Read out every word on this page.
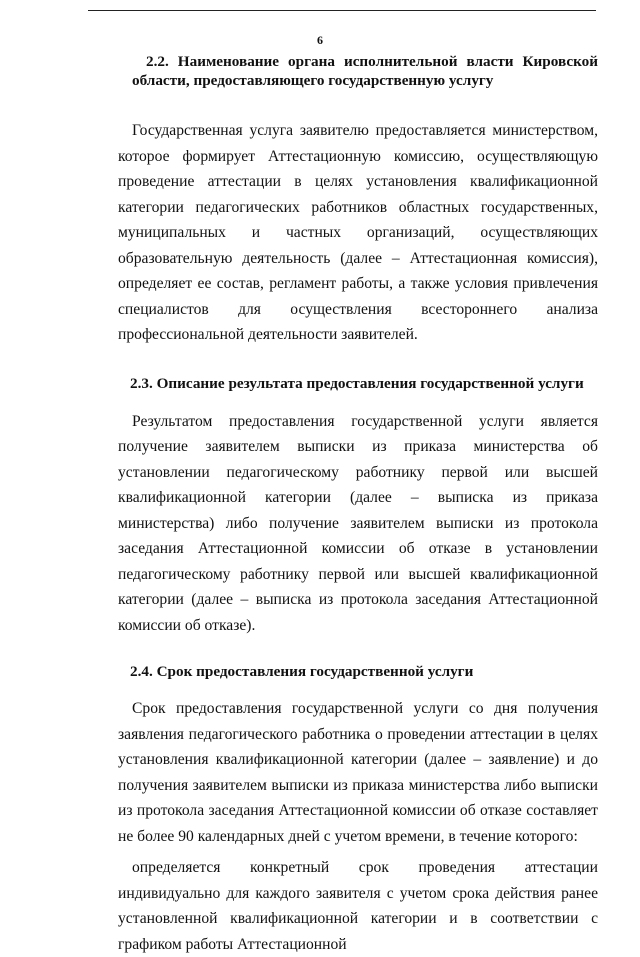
6
2.2. Наименование органа исполнительной власти Кировской области, предоставляющего государственную услугу

Государственная услуга заявителю предоставляется министерством, которое формирует Аттестационную комиссию, осуществляющую проведение аттестации в целях установления квалификационной категории педагогических работников областных государственных, муниципальных и частных организаций, осуществляющих образовательную деятельность (далее – Аттестационная комиссия), определяет ее состав, регламент работы, а также условия привлечения специалистов для осуществления всестороннего анализа профессиональной деятельности заявителей.

2.3. Описание результата предоставления государственной услуги

Результатом предоставления государственной услуги является получение заявителем выписки из приказа министерства об установлении педагогическому работнику первой или высшей квалификационной категории (далее – выписка из приказа министерства) либо получение заявителем выписки из протокола заседания Аттестационной комиссии об отказе в установлении педагогическому работнику первой или высшей квалификационной категории (далее – выписка из протокола заседания Аттестационной комиссии об отказе).

2.4. Срок предоставления государственной услуги

Срок предоставления государственной услуги со дня получения заявления педагогического работника о проведении аттестации в целях установления квалификационной категории (далее – заявление) и до получения заявителем выписки из приказа министерства либо выписки из протокола заседания Аттестационной комиссии об отказе составляет не более 90 календарных дней с учетом времени, в течение которого:

определяется конкретный срок проведения аттестации индивидуально для каждого заявителя с учетом срока действия ранее установленной квалификационной категории и в соответствии с графиком работы Аттестационной
